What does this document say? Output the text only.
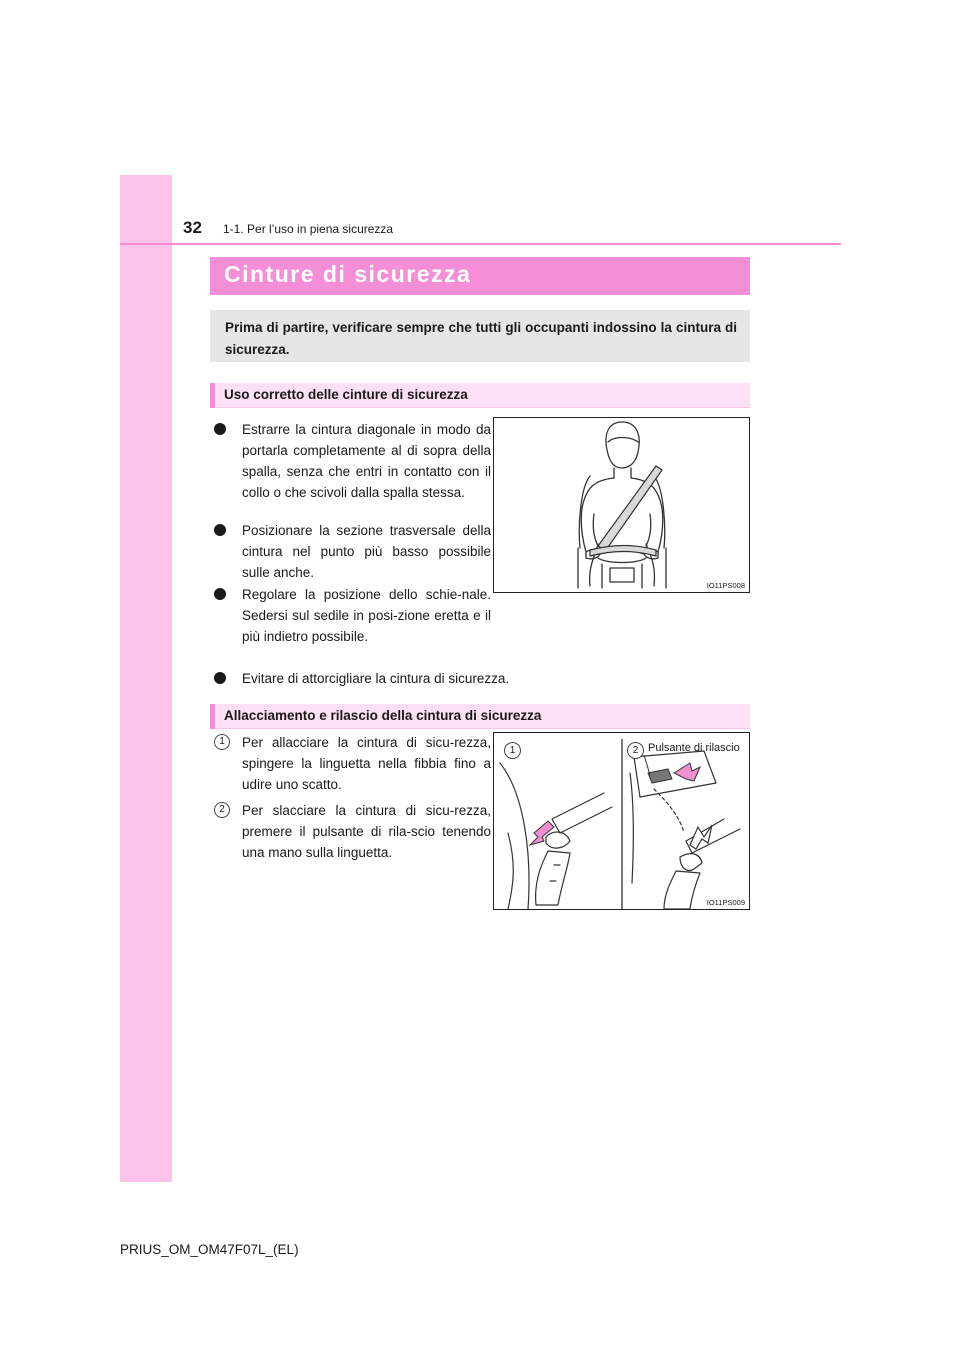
32 1-1. Per l’uso in piena sicurezza
Cinture di sicurezza
Prima di partire, verificare sempre che tutti gli occupanti indossino la cintura di sicurezza.
Uso corretto delle cinture di sicurezza
Estrarre la cintura diagonale in modo da portarla completamente al di sopra della spalla, senza che entri in contatto con il collo o che scivoli dalla spalla stessa.
Posizionare la sezione trasversale della cintura nel punto più basso possibile sulle anche.
Regolare la posizione dello schie-nale. Sedersi sul sedile in posi-zione eretta e il più indietro possibile.
Evitare di attorcigliare la cintura di sicurezza.
IO11PS008
Allacciamento e rilascio della cintura di sicurezza
1	Per allacciare la cintura di sicu-rezza, spingere la linguetta nella fibbia fino a udire uno scatto.
2	Per slacciare la cintura di sicu-rezza, premere il pulsante di rila-scio tenendo una mano sulla linguetta.
1	2 Pulsante di rilascio
IO11PS009
PRIUS_OM_OM47F07L_(EL)
